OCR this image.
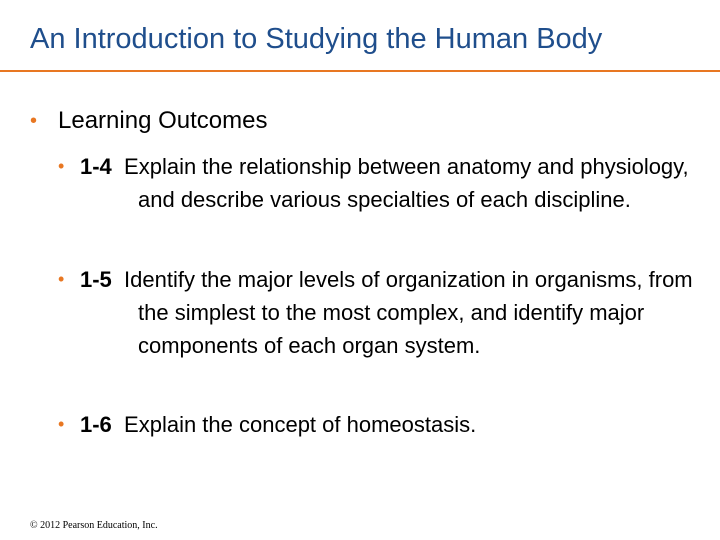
An Introduction to Studying the Human Body
• Learning Outcomes
• 1-4 Explain the relationship between anatomy and physiology, and describe various specialties of each discipline.
• 1-5 Identify the major levels of organization in organisms, from the simplest to the most complex, and identify major components of each organ system.
• 1-6 Explain the concept of homeostasis.
© 2012 Pearson Education, Inc.
